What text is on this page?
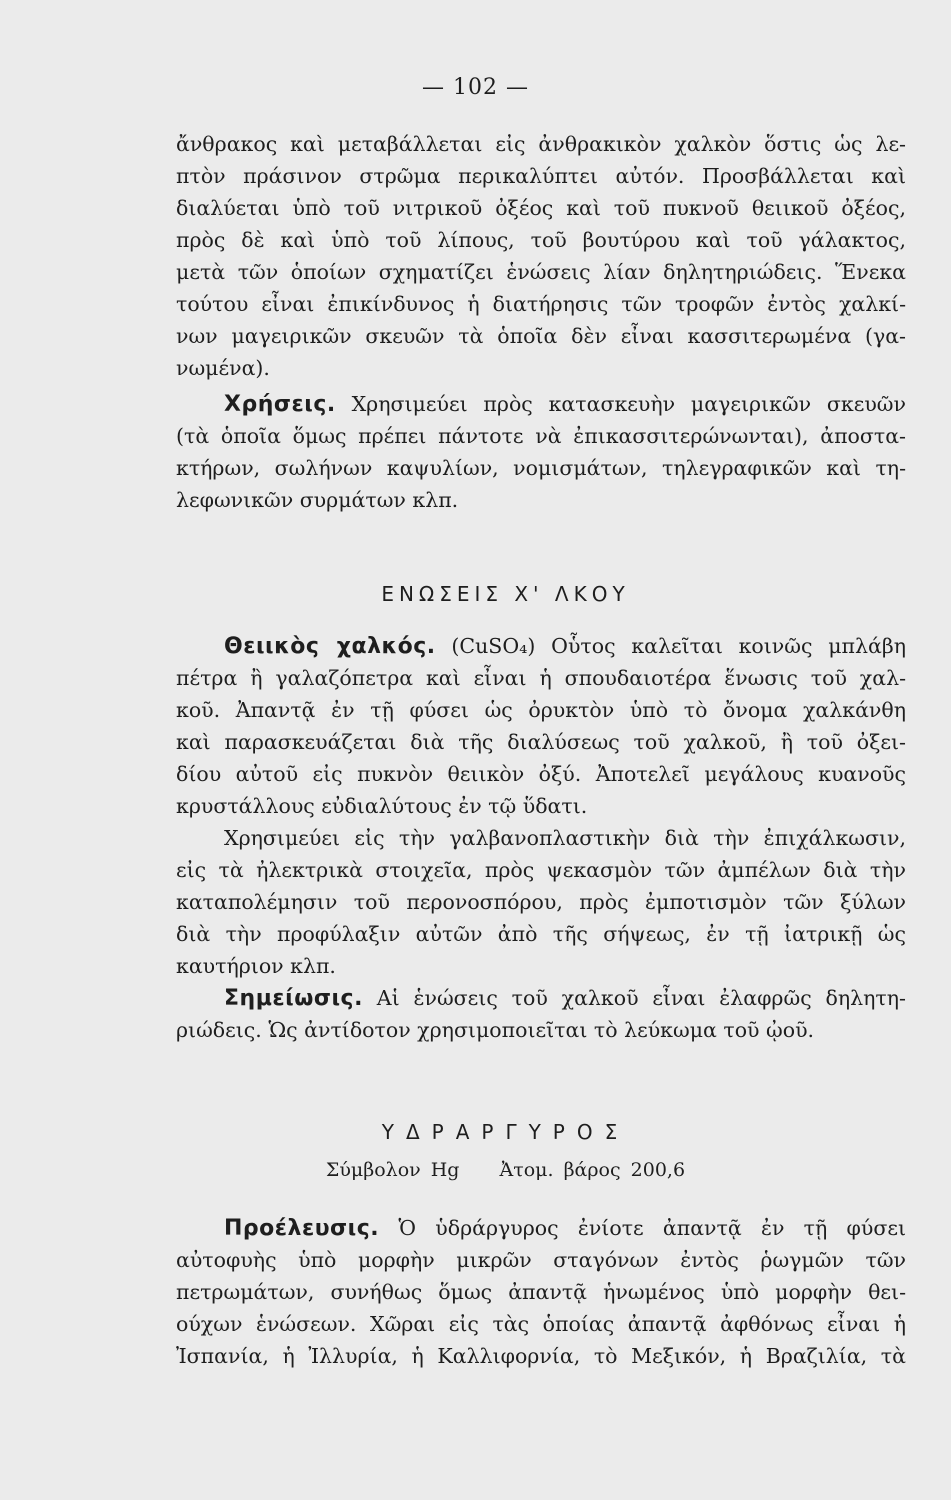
— 102 —
ἄνθρακος καὶ μεταβάλλεται εἰς ἀνθρακικὸν χαλκὸν ὅστις ὡς λε-
πτὸν πράσινον στρῶμα περικαλύπτει αὐτόν. Προσβάλλεται καὶ
διαλύεται ὑπὸ τοῦ νιτρικοῦ ὀξέος καὶ τοῦ πυκνοῦ θειικοῦ ὀξέος,
πρὸς δὲ καὶ ὑπὸ τοῦ λίπους, τοῦ βουτύρου καὶ τοῦ γάλακτος,
μετὰ τῶν ὁποίων σχηματίζει ἑνώσεις λίαν δηλητηριώδεις. Ἕνεκα
τούτου εἶναι ἐπικίνδυνος ἡ διατήρησις τῶν τροφῶν ἐντὸς χαλκί-
νων μαγειρικῶν σκευῶν τὰ ὁποῖα δὲν εἶναι κασσιτερωμένα (γα-
νωμένα).
Χρήσεις. Χρησιμεύει πρὸς κατασκευὴν μαγειρικῶν σκευῶν
(τὰ ὁποῖα ὅμως πρέπει πάντοτε νὰ ἐπικασσιτερώνωνται), ἀποστα-
κτήρων, σωλήνων καψυλίων, νομισμάτων, τηλεγραφικῶν καὶ τη-
λεφωνικῶν συρμάτων κλπ.
ΕΝΩΣΕΙΣ Χ' ΛΚΟΥ
Θειικὸς χαλκός. (CuSO₄) Οὗτος καλεῖται κοινῶς μπλάβη
πέτρα ἢ γαλαζόπετρα καὶ εἶναι ἡ σπουδαιοτέρα ἕνωσις τοῦ χαλ-
κοῦ. Ἀπαντᾷ ἐν τῇ φύσει ὡς ὀρυκτὸν ὑπὸ τὸ ὄνομα χαλκάνθη
καὶ παρασκευάζεται διὰ τῆς διαλύσεως τοῦ χαλκοῦ, ἢ τοῦ ὀξει-
δίου αὐτοῦ εἰς πυκνὸν θειικὸν ὀξύ. Ἀποτελεῖ μεγάλους κυανοῦς
κρυστάλλους εὐδιαλύτους ἐν τῷ ὕδατι.
Χρησιμεύει εἰς τὴν γαλβανοπλαστικὴν διὰ τὴν ἐπιχάλκωσιν,
εἰς τὰ ἠλεκτρικὰ στοιχεῖα, πρὸς ψεκασμὸν τῶν ἀμπέλων διὰ τὴν
καταπολέμησιν τοῦ περονοσπόρου, πρὸς ἐμποτισμὸν τῶν ξύλων
διὰ τὴν προφύλαξιν αὐτῶν ἀπὸ τῆς σήψεως, ἐν τῇ ἰατρικῇ ὡς
καυτήριον κλπ.
Σημείωσις. Αἱ ἑνώσεις τοῦ χαλκοῦ εἶναι ἐλαφρῶς δηλητη-
ριώδεις. Ὡς ἀντίδοτον χρησιμοποιεῖται τὸ λεύκωμα τοῦ ᾠοῦ.
ΥΔΡΑΡΓΥΡΟΣ
Σύμβολον Hg Ἀτομ. βάρος 200,6
Προέλευσις. Ὁ ὑδράργυρος ἐνίοτε ἀπαντᾷ ἐν τῇ φύσει
αὐτοφυὴς ὑπὸ μορφὴν μικρῶν σταγόνων ἐντὸς ῥωγμῶν τῶν
πετρωμάτων, συνήθως ὅμως ἀπαντᾷ ἡνωμένος ὑπὸ μορφὴν θει-
ούχων ἑνώσεων. Χῶραι εἰς τὰς ὁποίας ἀπαντᾷ ἀφθόνως εἶναι ἡ
Ἰσπανία, ἡ Ἰλλυρία, ἡ Καλλιφορνία, τὸ Μεξικόν, ἡ Βραζιλία, τὰ
